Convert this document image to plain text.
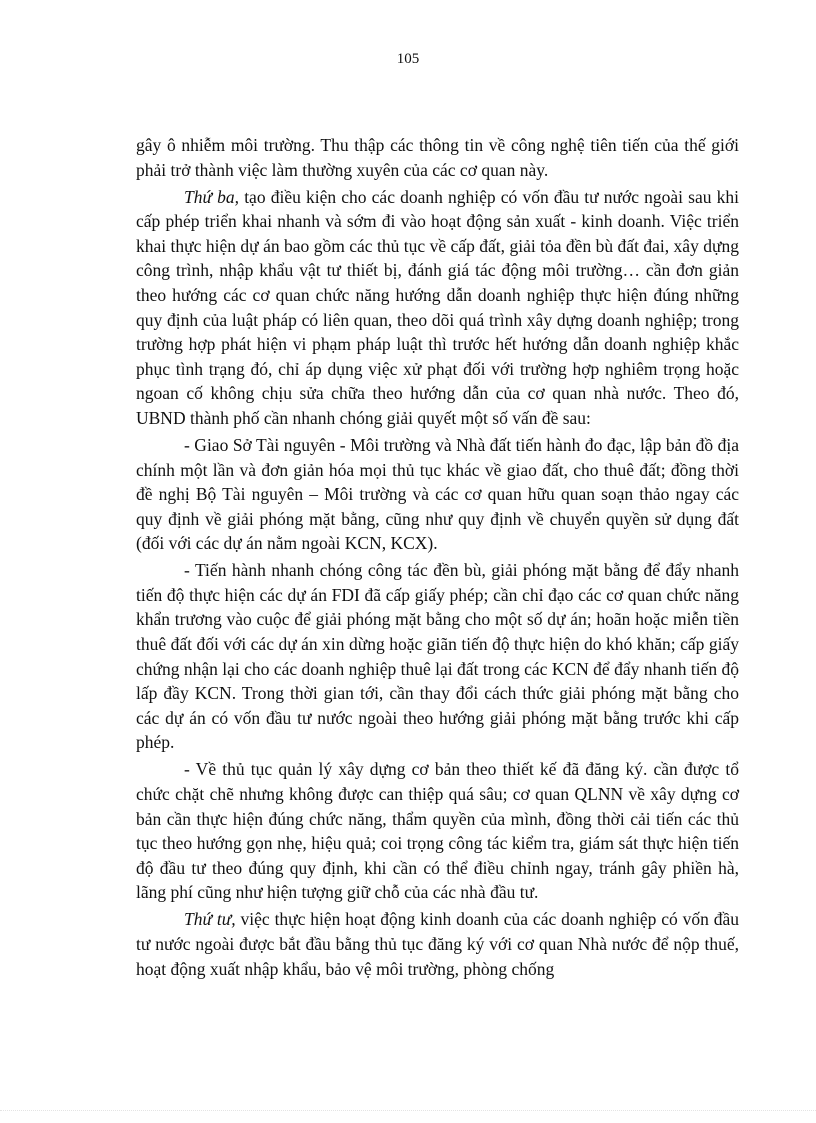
105

gây ô nhiễm môi trường. Thu thập các thông tin về công nghệ tiên tiến của thế giới phải trở thành việc làm thường xuyên của các cơ quan này.

Thứ ba, tạo điều kiện cho các doanh nghiệp có vốn đầu tư nước ngoài sau khi cấp phép triển khai nhanh và sớm đi vào hoạt động sản xuất - kinh doanh. Việc triển khai thực hiện dự án bao gồm các thủ tục về cấp đất, giải tỏa đền bù đất đai, xây dựng công trình, nhập khẩu vật tư thiết bị, đánh giá tác động môi trường… cần đơn giản theo hướng các cơ quan chức năng hướng dẫn doanh nghiệp thực hiện đúng những quy định của luật pháp có liên quan, theo dõi quá trình xây dựng doanh nghiệp; trong trường hợp phát hiện vi phạm pháp luật thì trước hết hướng dẫn doanh nghiệp khắc phục tình trạng đó, chỉ áp dụng việc xử phạt đối với trường hợp nghiêm trọng hoặc ngoan cố không chịu sửa chữa theo hướng dẫn của cơ quan nhà nước. Theo đó, UBND thành phố cần nhanh chóng giải quyết một số vấn đề sau:

- Giao Sở Tài nguyên - Môi trường và Nhà đất tiến hành đo đạc, lập bản đồ địa chính một lần và đơn giản hóa mọi thủ tục khác về giao đất, cho thuê đất; đồng thời đề nghị Bộ Tài nguyên – Môi trường và các cơ quan hữu quan soạn thảo ngay các quy định về giải phóng mặt bằng, cũng như quy định về chuyển quyền sử dụng đất (đối với các dự án nằm ngoài KCN, KCX).

- Tiến hành nhanh chóng công tác đền bù, giải phóng mặt bằng để đẩy nhanh tiến độ thực hiện các dự án FDI đã cấp giấy phép; cần chỉ đạo các cơ quan chức năng khẩn trương vào cuộc để giải phóng mặt bằng cho một số dự án; hoãn hoặc miễn tiền thuê đất đối với các dự án xin dừng hoặc giãn tiến độ thực hiện do khó khăn; cấp giấy chứng nhận lại cho các doanh nghiệp thuê lại đất trong các KCN để đẩy nhanh tiến độ lấp đầy KCN. Trong thời gian tới, cần thay đổi cách thức giải phóng mặt bằng cho các dự án có vốn đầu tư nước ngoài theo hướng giải phóng mặt bằng trước khi cấp phép.

- Về thủ tục quản lý xây dựng cơ bản theo thiết kế đã đăng ký. cần được tổ chức chặt chẽ nhưng không được can thiệp quá sâu; cơ quan QLNN về xây dựng cơ bản cần thực hiện đúng chức năng, thẩm quyền của mình, đồng thời cải tiến các thủ tục theo hướng gọn nhẹ, hiệu quả; coi trọng công tác kiểm tra, giám sát thực hiện tiến độ đầu tư theo đúng quy định, khi cần có thể điều chỉnh ngay, tránh gây phiền hà, lãng phí cũng như hiện tượng giữ chỗ của các nhà đầu tư.

Thứ tư, việc thực hiện hoạt động kinh doanh của các doanh nghiệp có vốn đầu tư nước ngoài được bắt đầu bằng thủ tục đăng ký với cơ quan Nhà nước để nộp thuế, hoạt động xuất nhập khẩu, bảo vệ môi trường, phòng chống
